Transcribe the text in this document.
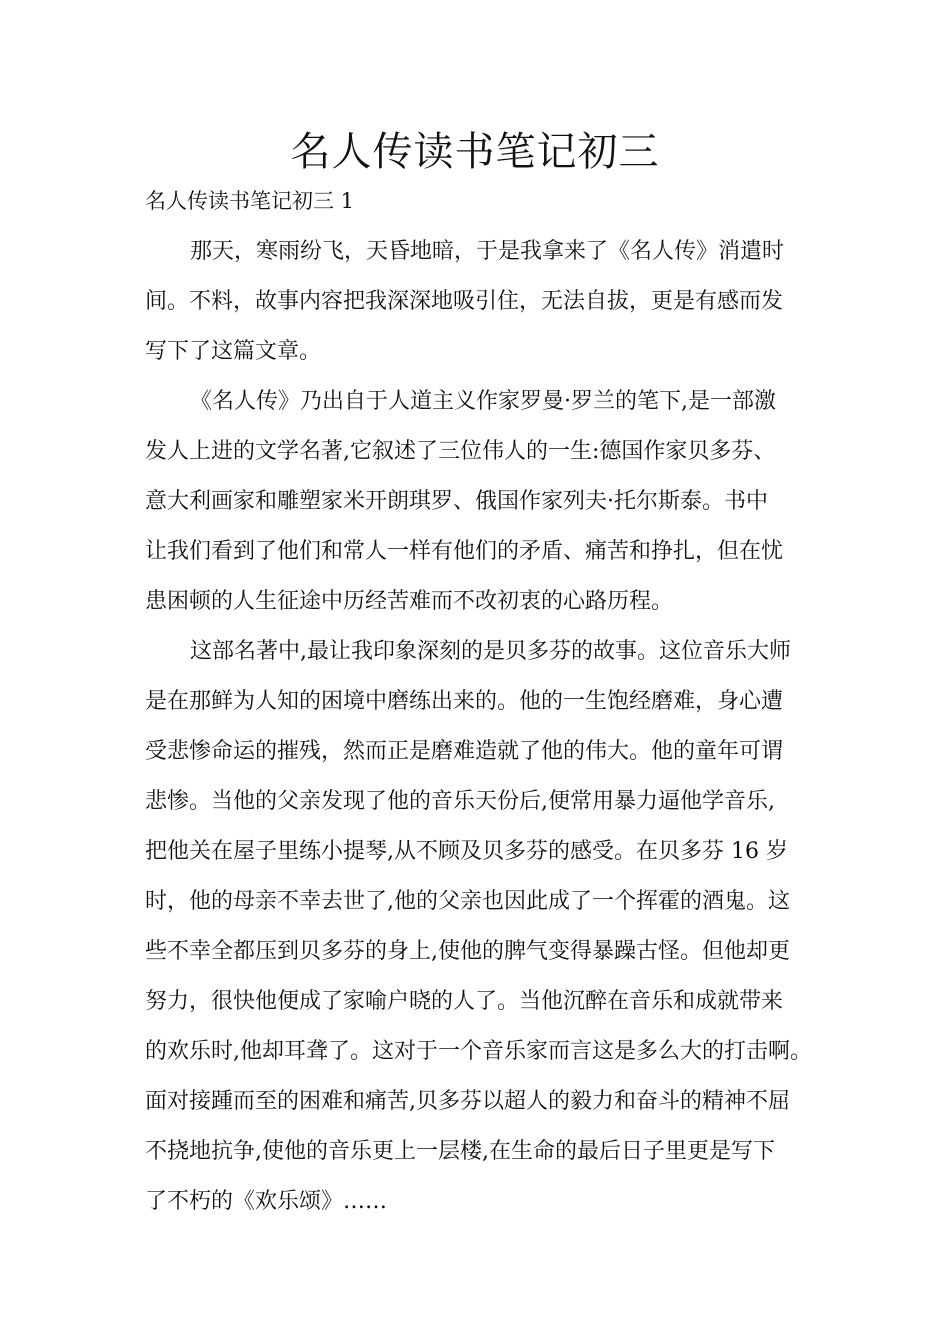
名人传读书笔记初三

名人传读书笔记初三 1

那天，寒雨纷飞，天昏地暗，于是我拿来了《名人传》消遣时
间。不料，故事内容把我深深地吸引住，无法自拔，更是有感而发
写下了这篇文章。
《名人传》乃出自于人道主义作家罗曼·罗兰的笔下,是一部激
发人上进的文学名著,它叙述了三位伟人的一生:德国作家贝多芬、
意大利画家和雕塑家米开朗琪罗、俄国作家列夫·托尔斯泰。书中
让我们看到了他们和常人一样有他们的矛盾、痛苦和挣扎，但在忧
患困顿的人生征途中历经苦难而不改初衷的心路历程。
这部名著中,最让我印象深刻的是贝多芬的故事。这位音乐大师
是在那鲜为人知的困境中磨练出来的。他的一生饱经磨难，身心遭
受悲惨命运的摧残，然而正是磨难造就了他的伟大。他的童年可谓
悲惨。当他的父亲发现了他的音乐天份后,便常用暴力逼他学音乐,
把他关在屋子里练小提琴,从不顾及贝多芬的感受。在贝多芬 16 岁
时，他的母亲不幸去世了,他的父亲也因此成了一个挥霍的酒鬼。这
些不幸全都压到贝多芬的身上,使他的脾气变得暴躁古怪。但他却更
努力，很快他便成了家喻户晓的人了。当他沉醉在音乐和成就带来
的欢乐时,他却耳聋了。这对于一个音乐家而言这是多么大的打击啊。
面对接踵而至的困难和痛苦,贝多芬以超人的毅力和奋斗的精神不屈
不挠地抗争,使他的音乐更上一层楼,在生命的最后日子里更是写下
了不朽的《欢乐颂》……
